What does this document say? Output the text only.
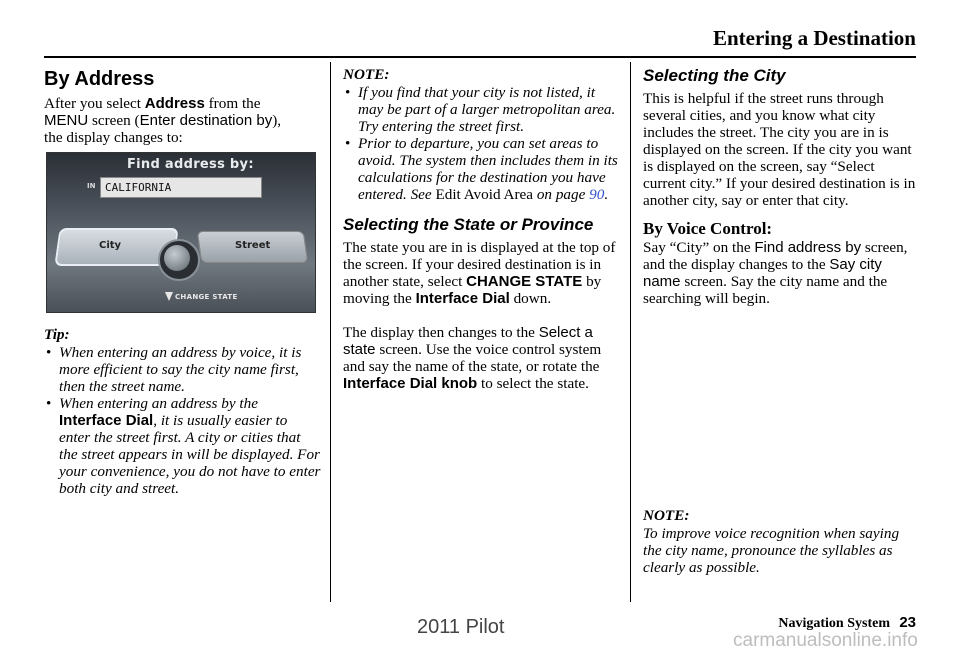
Entering a Destination
By Address

After you select Address from the
MENU screen (Enter destination by),
the display changes to:

Find address by:
IN CALIFORNIA
City	Street
CHANGE STATE
Tip:
• When entering an address by voice, it is more efficient to say the city name first, then the street name.
• When entering an address by the Interface Dial, it is usually easier to enter the street first. A city or cities that the street appears in will be displayed. For your convenience, you do not have to enter both city and street.
NOTE:
• If you find that your city is not listed, it may be part of a larger metropolitan area. Try entering the street first.
• Prior to departure, you can set areas to avoid. The system then includes them in its calculations for the destination you have entered. See Edit Avoid Area on page 90.
Selecting the State or Province

The state you are in is displayed at the top of the screen. If your desired destination is in another state, select CHANGE STATE by moving the Interface Dial down.

The display then changes to the Select a state screen. Use the voice control system and say the name of the state, or rotate the Interface Dial knob to select the state.

Selecting the City

This is helpful if the street runs through several cities, and you know what city includes the street. The city you are in is displayed on the screen. If the city you want is displayed on the screen, say “Select current city.” If your desired destination is in another city, say or enter that city.

By Voice Control:

Say “City” on the Find address by screen, and the display changes to the Say city name screen. Say the city name and the searching will begin.

NOTE:

To improve voice recognition when saying the city name, pronounce the syllables as clearly as possible.

Navigation System 23
2011 Pilot
carmanualsonline.info
